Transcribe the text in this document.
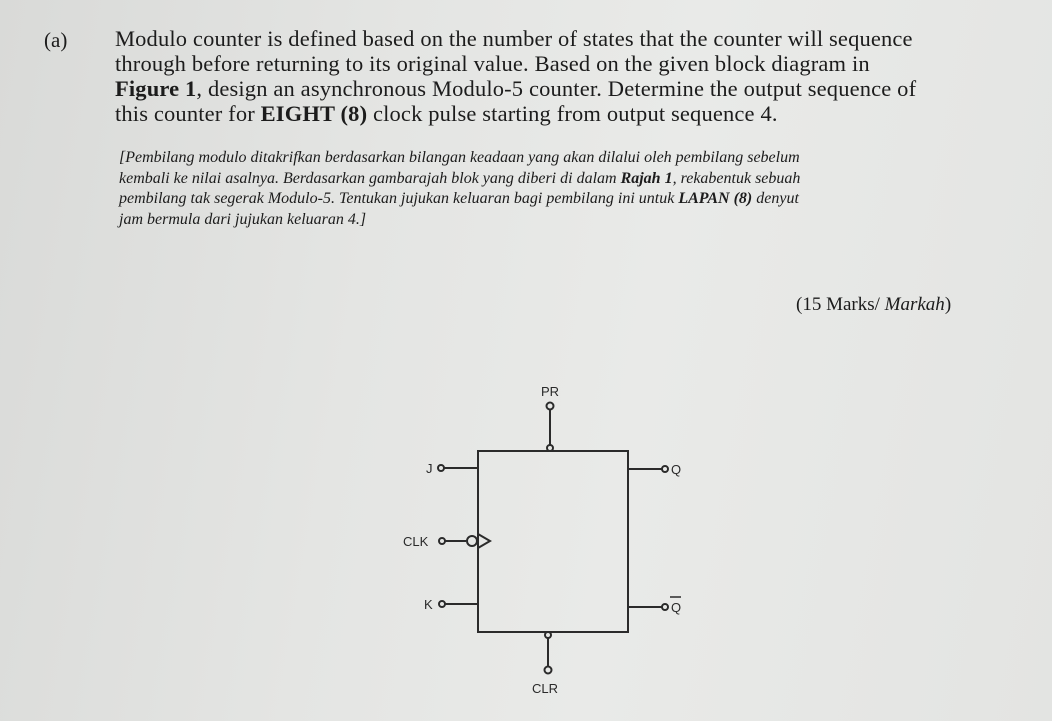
(a) Modulo counter is defined based on the number of states that the counter will sequence
through before returning to its original value. Based on the given block diagram in
Figure 1, design an asynchronous Modulo-5 counter. Determine the output sequence of
this counter for EIGHT (8) clock pulse starting from output sequence 4.
[Pembilang modulo ditakrifkan berdasarkan bilangan keadaan yang akan dilalui oleh pembilang sebelum
kembali ke nilai asalnya. Berdasarkan gambarajah blok yang diberi di dalam Rajah 1, rekabentuk sebuah
pembilang tak segerak Modulo-5. Tentukan jujukan keluaran bagi pembilang ini untuk LAPAN (8) denyut
jam bermula dari jujukan keluaran 4.]
(15 Marks/ Markah)
PR
CLR
J
CLK
K
Q
Q
